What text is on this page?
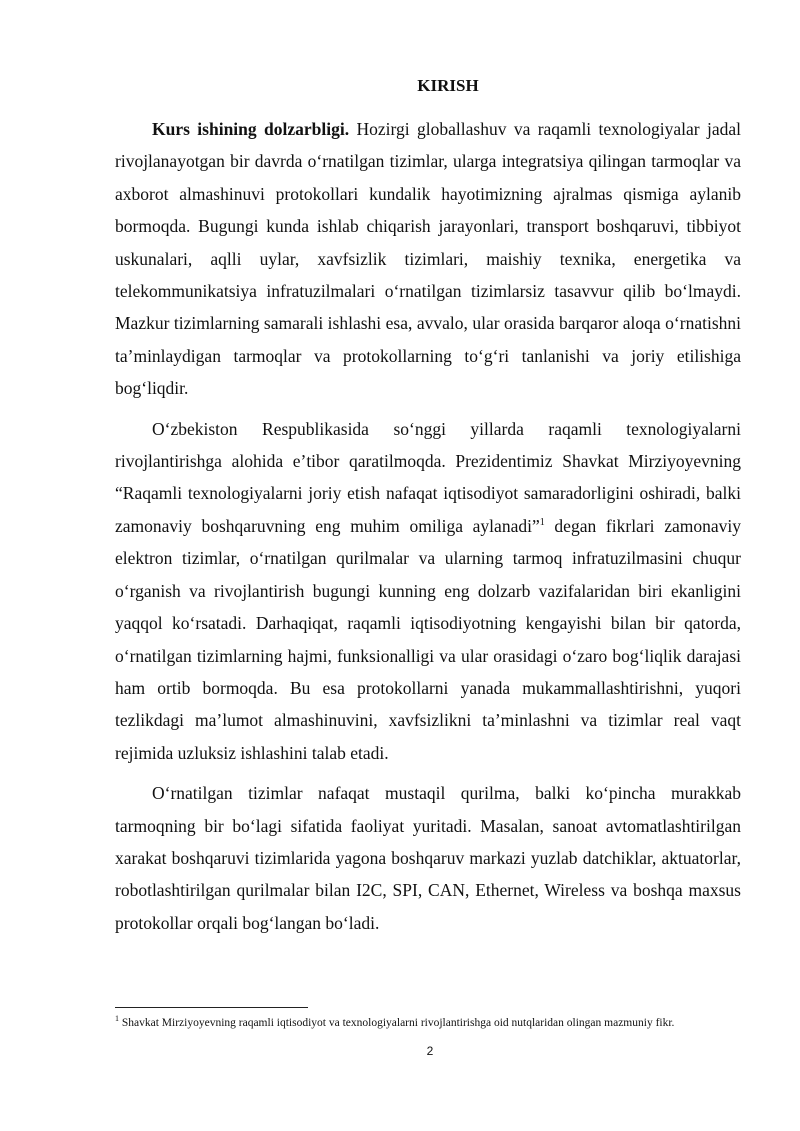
KIRISH

Kurs ishining dolzarbligi. Hozirgi globallashuv va raqamli texnologiyalar jadal rivojlanayotgan bir davrda oʻrnatilgan tizimlar, ularga integratsiya qilingan tarmoqlar va axborot almashinuvi protokollari kundalik hayotimizning ajralmas qismiga aylanib bormoqda. Bugungi kunda ishlab chiqarish jarayonlari, transport boshqaruvi, tibbiyot uskunalari, aqlli uylar, xavfsizlik tizimlari, maishiy texnika, energetika va telekommunikatsiya infratuzilmalari oʻrnatilgan tizimlarsiz tasavvur qilib boʻlmaydi. Mazkur tizimlarning samarali ishlashi esa, avvalo, ular orasida barqaror aloqa oʻrnatishni taʼminlaydigan tarmoqlar va protokollarning toʻgʻri tanlanishi va joriy etilishiga bogʻliqdir.

Oʻzbekiston Respublikasida soʻnggi yillarda raqamli texnologiyalarni rivojlantirishga alohida eʼtibor qaratilmoqda. Prezidentimiz Shavkat Mirziyoyevning “Raqamli texnologiyalarni joriy etish nafaqat iqtisodiyot samaradorligini oshiradi, balki zamonaviy boshqaruvning eng muhim omiliga aylanadi”$^1$ degan fikrlari zamonaviy elektron tizimlar, oʻrnatilgan qurilmalar va ularning tarmoq infratuzilmasini chuqur oʻrganish va rivojlantirish bugungi kunning eng dolzarb vazifalaridan biri ekanligini yaqqol koʻrsatadi. Darhaqiqat, raqamli iqtisodiyotning kengayishi bilan bir qatorda, oʻrnatilgan tizimlarning hajmi, funksionalligi va ular orasidagi oʻzaro bogʻliqlik darajasi ham ortib bormoqda. Bu esa protokollarni yanada mukammallashtirishni, yuqori tezlikdagi maʼlumot almashinuvini, xavfsizlikni taʼminlashni va tizimlar real vaqt rejimida uzluksiz ishlashini talab etadi.

Oʻrnatilgan tizimlar nafaqat mustaqil qurilma, balki koʻpincha murakkab tarmoqning bir boʻlagi sifatida faoliyat yuritadi. Masalan, sanoat avtomatlashtirilgan xarakat boshqaruvi tizimlarida yagona boshqaruv markazi yuzlab datchiklar, aktuatorlar, robotlashtirilgan qurilmalar bilan I2C, SPI, CAN, Ethernet, Wireless va boshqa maxsus protokollar orqali bogʻlangan boʻladi.

$^1$ Shavkat Mirziyoyevning raqamli iqtisodiyot va texnologiyalarni rivojlantirishga oid nutqlaridan olingan mazmuniy fikr.
2
